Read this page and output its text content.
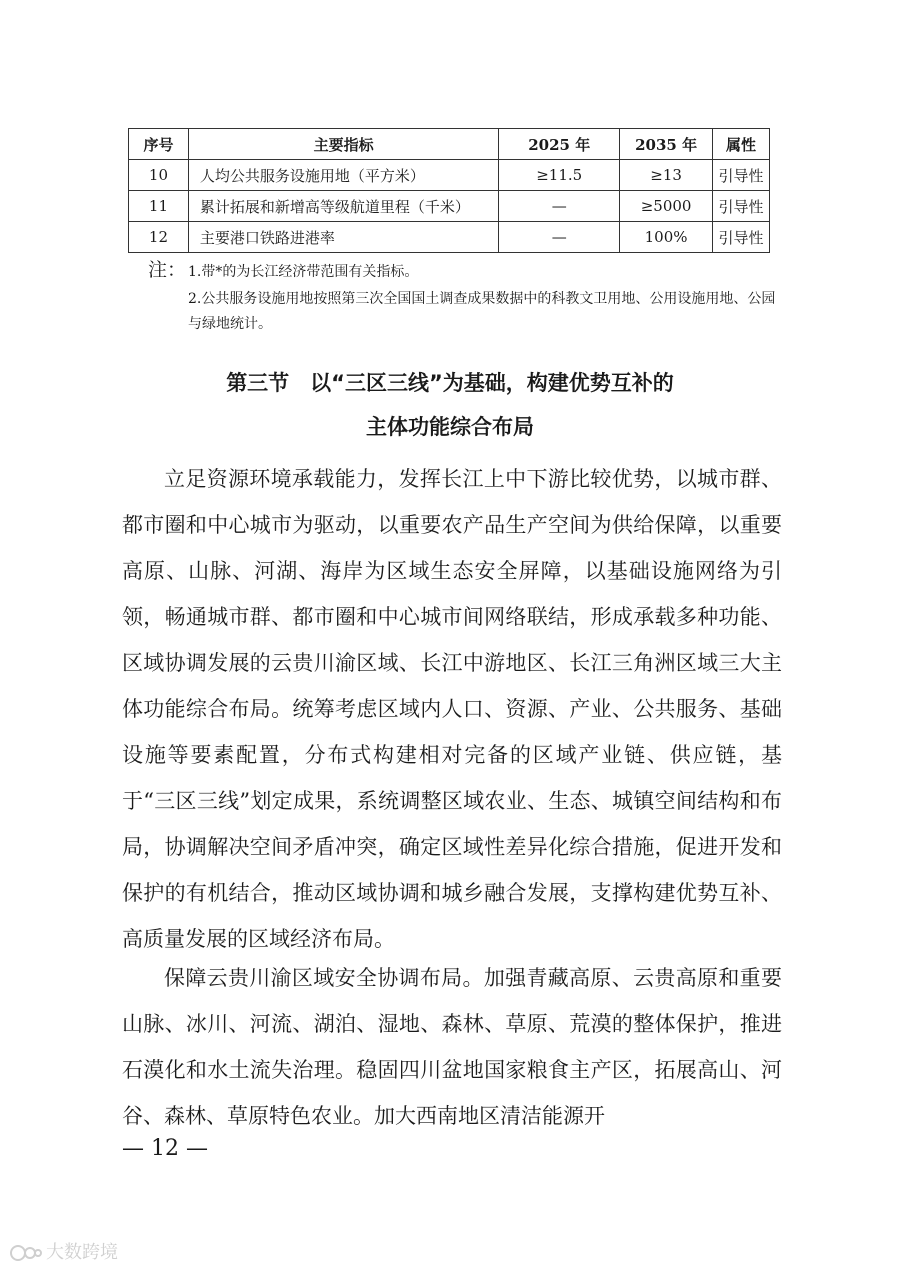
序号	主要指标	2025 年	2035 年	属性
10	人均公共服务设施用地（平方米）	≥11.5	≥13	引导性
11	累计拓展和新增高等级航道里程（千米）	—	≥5000	引导性
12	主要港口铁路进港率	—	100%	引导性
注： 1.带*的为长江经济带范围有关指标。
2.公共服务设施用地按照第三次全国国土调查成果数据中的科教文卫用地、公用设施用地、公园与绿地统计。
第三节　以“三区三线”为基础，构建优势互补的
主体功能综合布局

立足资源环境承载能力，发挥长江上中下游比较优势，以城市群、都市圈和中心城市为驱动，以重要农产品生产空间为供给保障，以重要高原、山脉、河湖、海岸为区域生态安全屏障，以基础设施网络为引领，畅通城市群、都市圈和中心城市间网络联结，形成承载多种功能、区域协调发展的云贵川渝区域、长江中游地区、长江三角洲区域三大主体功能综合布局。统筹考虑区域内人口、资源、产业、公共服务、基础设施等要素配置，分布式构建相对完备的区域产业链、供应链，基于“三区三线”划定成果，系统调整区域农业、生态、城镇空间结构和布局，协调解决空间矛盾冲突，确定区域性差异化综合措施，促进开发和保护的有机结合，推动区域协调和城乡融合发展，支撑构建优势互补、高质量发展的区域经济布局。

保障云贵川渝区域安全协调布局。加强青藏高原、云贵高原和重要山脉、冰川、河流、湖泊、湿地、森林、草原、荒漠的整体保护，推进石漠化和水土流失治理。稳固四川盆地国家粮食主产区，拓展高山、河谷、森林、草原特色农业。加大西南地区清洁能源开

— 12 —
大数跨境
